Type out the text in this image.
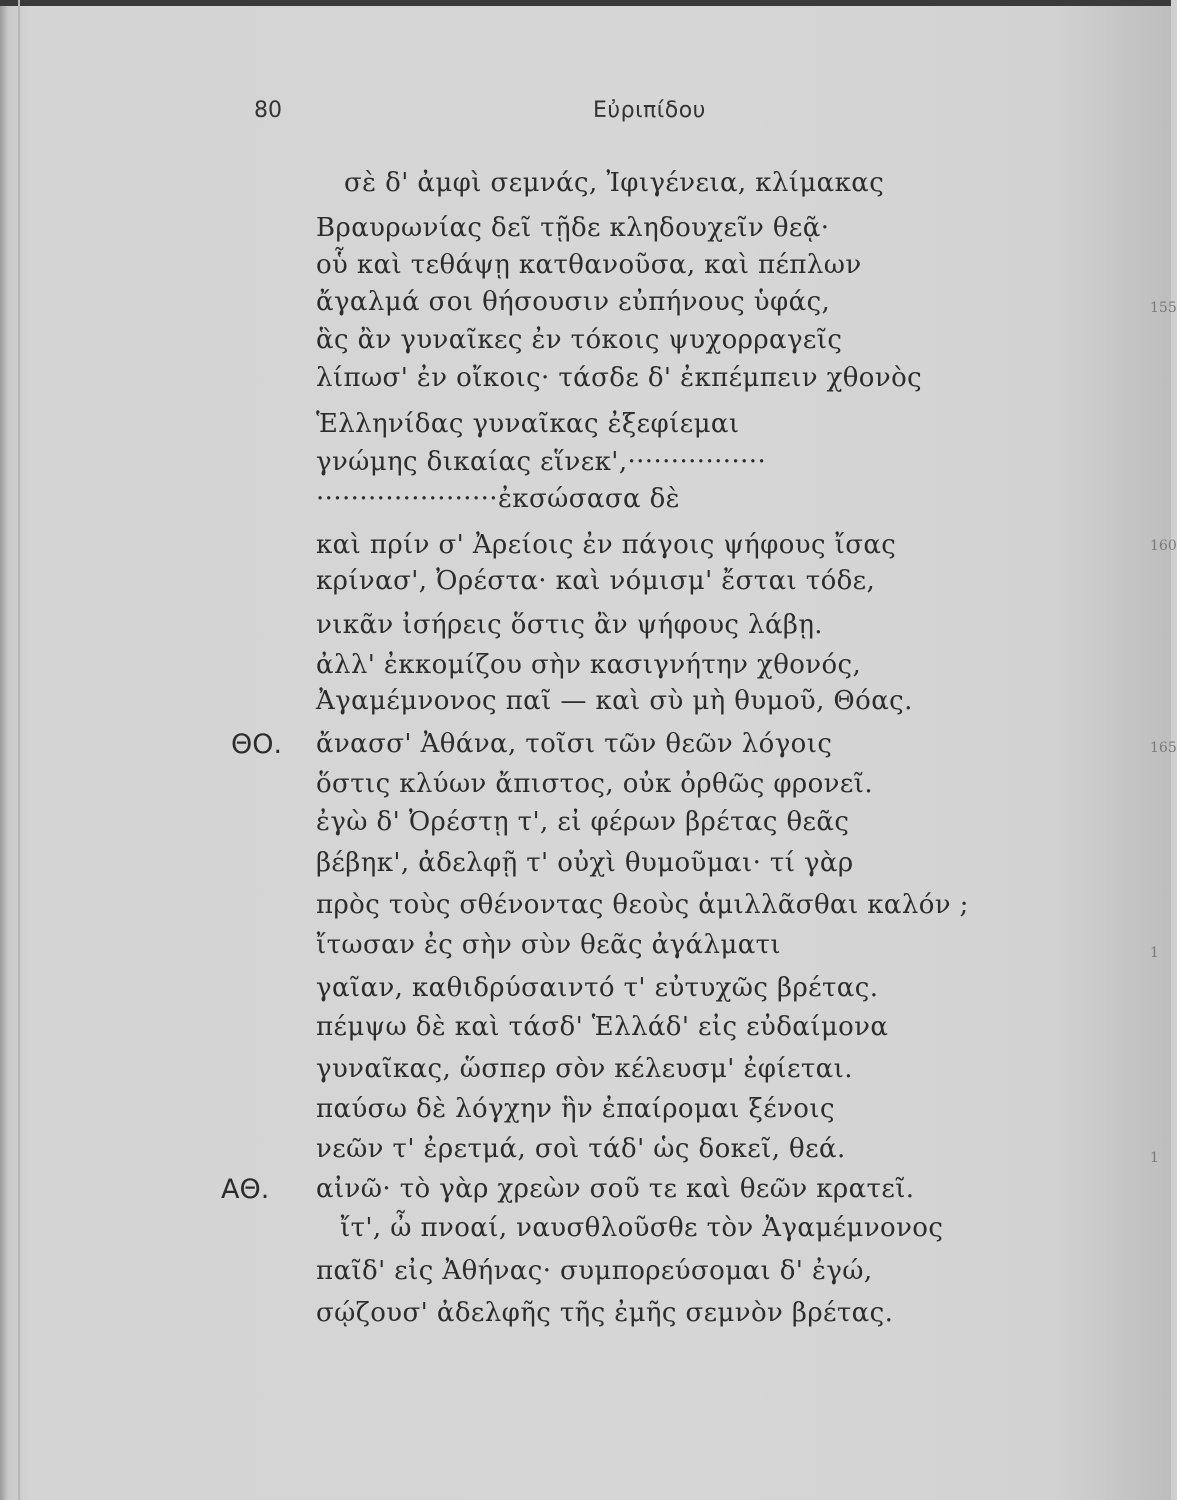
80	Εὐριπίδου
σὲ δ' ἀμφὶ σεμνάς, Ἰφιγένεια, κλίμακας
Βραυρωνίας δεῖ τῇδε κληδουχεῖν θεᾷ·
οὗ καὶ τεθάψῃ κατθανοῦσα, καὶ πέπλων
ἄγαλμά σοι θήσουσιν εὐπήνους ὑφάς,
ἃς ἂν γυναῖκες ἐν τόκοις ψυχορραγεῖς
λίπωσ' ἐν οἴκοις· τάσδε δ' ἐκπέμπειν χθονὸς
Ἑλληνίδας γυναῖκας ἐξεφίεμαι
γνώμης δικαίας εἵνεκ',················
·····················ἐκσώσασα δὲ
καὶ πρίν σ' Ἀρείοις ἐν πάγοις ψήφους ἴσας
κρίνασ', Ὀρέστα· καὶ νόμισμ' ἔσται τόδε,
νικᾶν ἰσήρεις ὅστις ἂν ψήφους λάβῃ.
ἀλλ' ἐκκομίζου σὴν κασιγνήτην χθονός,
Ἀγαμέμνονος παῖ — καὶ σὺ μὴ θυμοῦ, Θόας.
ΘΟ. ἄνασσ' Ἀθάνα, τοῖσι τῶν θεῶν λόγοις
ὅστις κλύων ἄπιστος, οὐκ ὀρθῶς φρονεῖ.
ἐγὼ δ' Ὀρέστῃ τ', εἰ φέρων βρέτας θεᾶς
βέβηκ', ἀδελφῇ τ' οὐχὶ θυμοῦμαι· τί γὰρ
πρὸς τοὺς σθένοντας θεοὺς ἁμιλλᾶσθαι καλόν ;
ἴτωσαν ἐς σὴν σὺν θεᾶς ἀγάλματι
γαῖαν, καθιδρύσαιντό τ' εὐτυχῶς βρέτας.
πέμψω δὲ καὶ τάσδ' Ἑλλάδ' εἰς εὐδαίμονα
γυναῖκας, ὥσπερ σὸν κέλευσμ' ἐφίεται.
παύσω δὲ λόγχην ἣν ἐπαίρομαι ξένοις
νεῶν τ' ἐρετμά, σοὶ τάδ' ὡς δοκεῖ, θεά.
ΑΘ. αἰνῶ· τὸ γὰρ χρεὼν σοῦ τε καὶ θεῶν κρατεῖ.
ἴτ', ὦ πνοαί, ναυσθλοῦσθε τὸν Ἀγαμέμνονος
παῖδ' εἰς Ἀθήνας· συμπορεύσομαι δ' ἐγώ,
σῴζουσ' ἀδελφῆς τῆς ἐμῆς σεμνὸν βρέτας.
155
160
165
1
1
